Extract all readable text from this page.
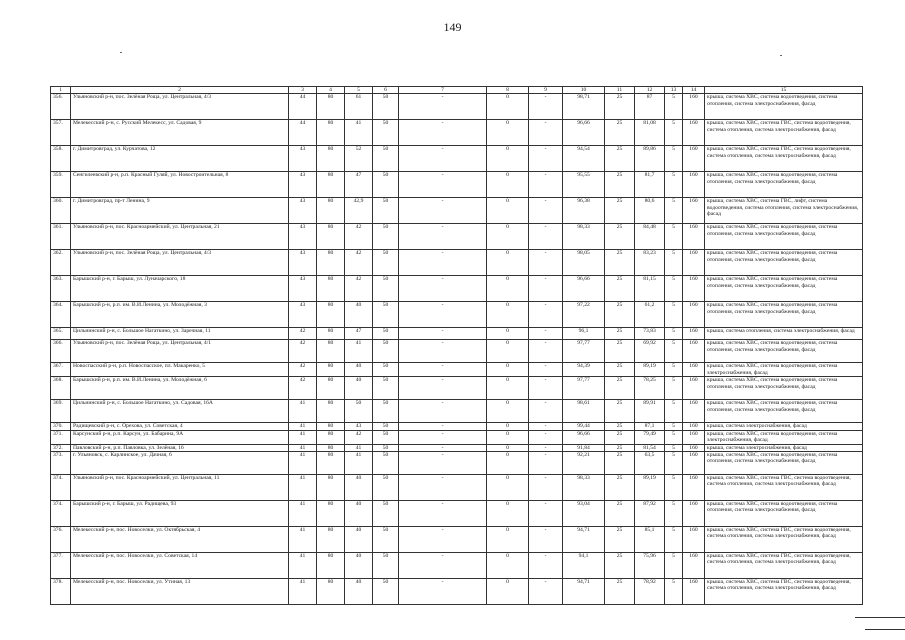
149
1	2	3	4	5	6	7	8	9	10	11	12	13	14	15
356.	Ульяновский р-н, пос. Зелёная Роща, ул. Центральная, 4/3	44	80	61	50	-	0	-	98,71	25	87	5	160	крыша, система ХВС, система водоотведения, система отопления, система электроснабжения, фасад
357.	Мелекесский р-н, с. Русский Мелекесс, ул. Садовая, 9	44	80	41	50	-	0	-	96,66	25	81,08	5	160	крыша, система ХВС, система ГВС, система водоотведения, система отопления, система электроснабжения, фасад
358.	г. Димитровград, ул. Курчатова, 12	43	80	52	50	-	0	-	94,54	25	89,86	5	160	крыша, система ХВС, система ГВС, система водоотведения, система отопления, система электроснабжения, фасад
359.	Сенгилеевский р-н, р.п. Красный Гуляй, ул. Новостроительная, 8	43	80	47	50	-	0	-	95,55	25	81,7	5	160	крыша, система ХВС, система водоотведения, система отопления, система электроснабжения, фасад
360.	г. Димитровград, пр-т Ленина, 9	43	80	42,9	50	-	0	-	96,38	25	80,6	5	160	крыша, система ХВС, система ГВС, лифт, система водоотведения, система отопления, система электроснабжения, фасад
361.	Ульяновский р-н, пос. Красноармейский, ул. Центральная, 21	43	80	42	50	-	0	-	98,33	25	84,48	5	160	крыша, система ХВС, система водоотведения, система отопления, система электроснабжения, фасад
362.	Ульяновский р-н, пос. Зелёная Роща, ул. Центральная, 4/3	43	80	42	50	-	0	-	98,05	25	83,23	5	160	крыша, система ХВС, система водоотведения, система отопления, система электроснабжения, фасад
363.	Барышский р-н, г. Барыш, ул. Луначарского, 18	43	80	42	50	-	0	-	96,66	25	81,15	5	160	крыша, система ХВС, система водоотведения, система отопления, система электроснабжения, фасад
364.	Барышский р-н, р.п. им. В.И.Ленина, ул. Молодёжная, 3	43	80	40	50	-	0	-	97,22	25	61,2	5	160	крыша, система ХВС, система водоотведения, система отопления, система электроснабжения, фасад
365.	Цильнинский р-н, с. Большое Нагаткино, ул. Заречная, 11	42	80	47	50	-	0	-	96,1	25	73,83	5	160	крыша, система отопления, система электроснабжения, фасад
366.	Ульяновский р-н, пос. Зелёная Роща, ул. Центральная, 4/1	42	80	41	50	-	0	-	97,77	25	69,92	5	160	крыша, система ХВС, система водоотведения, система отопления, система электроснабжения, фасад
367.	Новоспасский р-н, р.п. Новоспасское, пл. Макаренко, 5	42	80	40	50	-	0	-	94,39	25	89,19	5	160	крыша, система ХВС, система водоотведения, система электроснабжения, фасад
368.	Барышский р-н, р.п. им. В.И.Ленина, ул. Молодёжная, 6	42	80	40	50	-	0	-	97,77	25	78,25	5	160	крыша, система ХВС, система водоотведения, система отопления, система электроснабжения, фасад
369.	Цильнинский р-н, с. Большое Нагаткино, ул. Садовая, 16А	41	80	50	50	-	0	-	98,61	25	89,91	5	160	крыша, система ХВС, система водоотведения, система отопления, система электроснабжения, фасад
370.	Радищевский р-н, с. Орехова, ул. Советская, 4	41	80	43	50	-	0	-	99,44	25	87,1	5	160	крыша, система электроснабжения, фасад
371.	Карсунский р-н, р.п. Карсун, ул. Бабарина, 9А	41	80	42	50	-	0	-	96,66	25	79,49	5	160	крыша, система ХВС, система водоотведения, система электроснабжения, фасад
372.	Павловский р-н, р.п. Павловка, ул. Зелёная, 16	41	80	41	50	-	0	-	91,84	25	81,54	5	160	крыша, система электроснабжения, фасад
373.	г. Ульяновск, с. Карлинское, ул. Дачная, 6	41	80	41	50	-	0	-	92,21	25	63,5	5	160	крыша, система ХВС, система водоотведения, система отопления, система электроснабжения, фасад
374.	Ульяновский р-н, пос. Красноармейский, ул. Центральная, 11	41	80	40	50	-	0	-	98,33	25	89,19	5	160	крыша, система ХВС, система ГВС, система водоотведения, система отопления, система электроснабжения, фасад
374.	Барышский р-н, г. Барыш, ул. Радищева, 93	41	80	40	50	-	0	-	93,04	25	87,92	5	160	крыша, система ХВС, система водоотведения, система отопления, система электроснабжения, фасад
376.	Мелекесский р-н, пос. Новоселки, ул. Октябрьская, 4	41	80	40	50	-	0	-	94,71	25	85,1	5	160	крыша, система ХВС, система ГВС, система водоотведения, система отопления, система электроснабжения, фасад
377.	Мелекесский р-н, пос. Новоселки, ул. Советская, 14	41	80	40	50	-	0	-	94,1	25	75,96	5	160	крыша, система ХВС, система ГВС, система водоотведения, система отопления, система электроснабжения, фасад
378.	Мелекесский р-н, пос. Новоселки, ул. Утиная, 13	41	80	40	50	-	0	-	94,71	25	78,92	5	160	крыша, система ХВС, система ГВС, система водоотведения, система отопления, система электроснабжения, фасад
